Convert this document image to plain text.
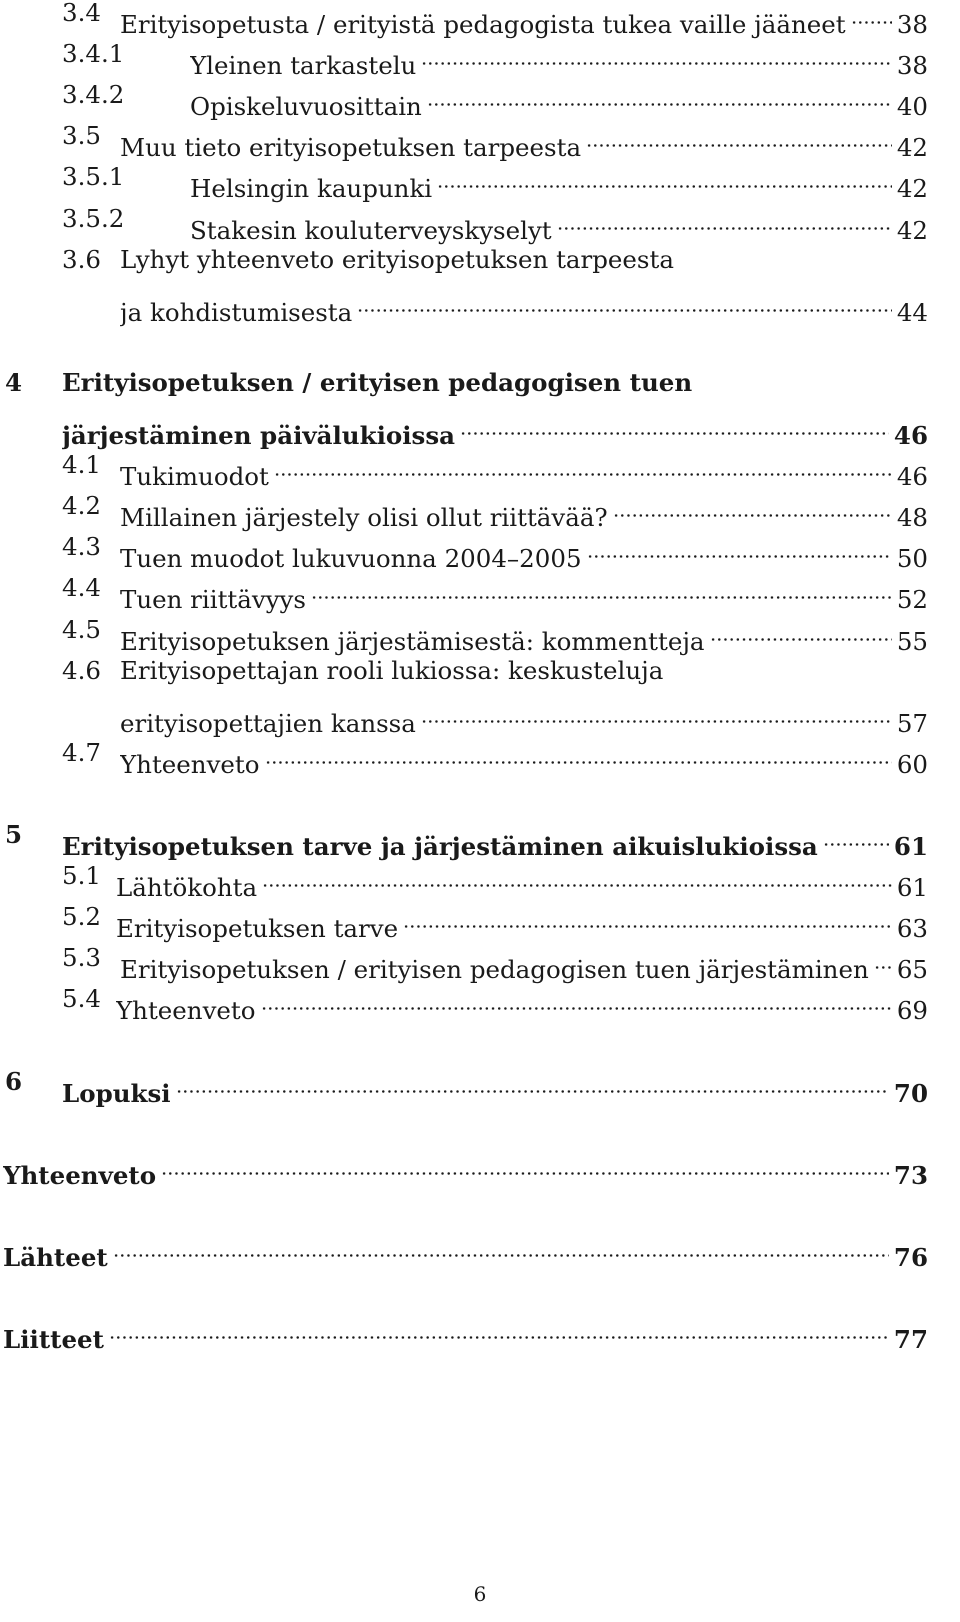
3.4 Erityisopetusta / erityistä pedagogista tukea vaille jääneet 38
3.4.1	Yleinen tarkastelu	38
3.4.2	Opiskeluvuosittain	40
3.5 Muu tieto erityisopetuksen tarpeesta	42
3.5.1	Helsingin kaupunki	42
3.5.2	Stakesin kouluterveyskyselyt	42
3.6 Lyhyt yhteenveto erityisopetuksen tarpeesta
ja kohdistumisesta	44
4 Erityisopetuksen / erityisen pedagogisen tuen
järjestäminen päivälukioissa	46
4.1 Tukimuodot	46
4.2 Millainen järjestely olisi ollut riittävää?	48
4.3 Tuen muodot lukuvuonna 2004–2005	50
4.4 Tuen riittävyys	52
4.5 Erityisopetuksen järjestämisestä: kommentteja	55
4.6 Erityisopettajan rooli lukiossa: keskusteluja
erityisopettajien kanssa	57
4.7 Yhteenveto	60
5 Erityisopetuksen tarve ja järjestäminen aikuislukioissa	61
5.1 Lähtökohta	61
5.2 Erityisopetuksen tarve	63
5.3 Erityisopetuksen / erityisen pedagogisen tuen järjestäminen 65
5.4 Yhteenveto	69
6 Lopuksi	70
Yhteenveto	73
Lähteet	76
Liitteet	77
6
